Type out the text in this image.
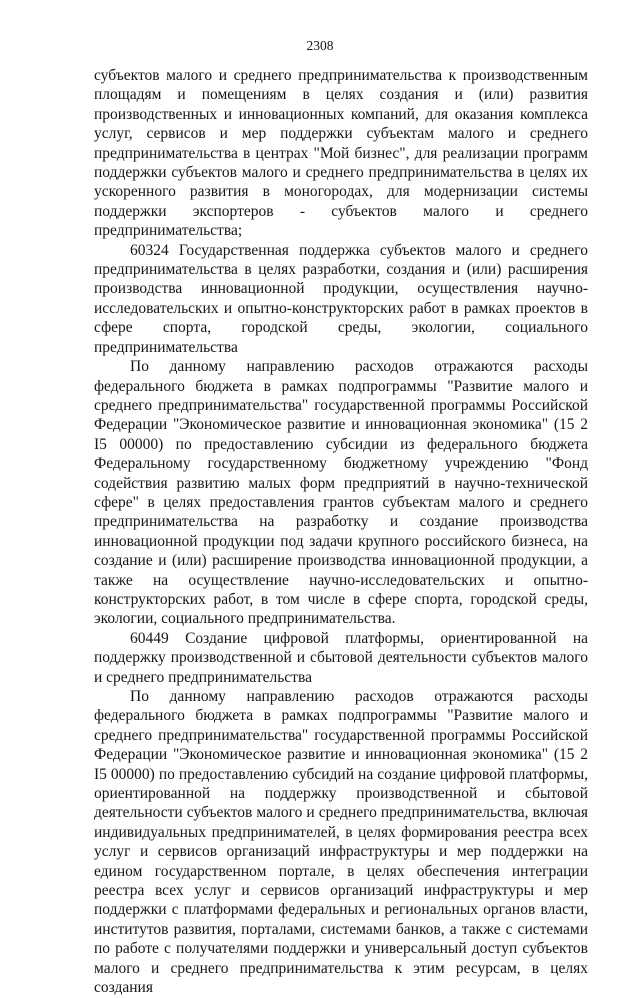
2308

субъектов малого и среднего предпринимательства к производственным площадям и помещениям в целях создания и (или) развития производственных и инновационных компаний, для оказания комплекса услуг, сервисов и мер поддержки субъектам малого и среднего предпринимательства в центрах "Мой бизнес", для реализации программ поддержки субъектов малого и среднего предпринимательства в целях их ускоренного развития в моногородах, для модернизации системы поддержки экспортеров - субъектов малого и среднего предпринимательства;

60324 Государственная поддержка субъектов малого и среднего предпринимательства в целях разработки, создания и (или) расширения производства инновационной продукции, осуществления научно-исследовательских и опытно-конструкторских работ в рамках проектов в сфере спорта, городской среды, экологии, социального предпринимательства

По данному направлению расходов отражаются расходы федерального бюджета в рамках подпрограммы "Развитие малого и среднего предпринимательства" государственной программы Российской Федерации "Экономическое развитие и инновационная экономика" (15 2 I5 00000) по предоставлению субсидии из федерального бюджета Федеральному государственному бюджетному учреждению "Фонд содействия развитию малых форм предприятий в научно-технической сфере" в целях предоставления грантов субъектам малого и среднего предпринимательства на разработку и создание производства инновационной продукции под задачи крупного российского бизнеса, на создание и (или) расширение производства инновационной продукции, а также на осуществление научно-исследовательских и опытно-конструкторских работ, в том числе в сфере спорта, городской среды, экологии, социального предпринимательства.

60449 Создание цифровой платформы, ориентированной на поддержку производственной и сбытовой деятельности субъектов малого и среднего предпринимательства

По данному направлению расходов отражаются расходы федерального бюджета в рамках подпрограммы "Развитие малого и среднего предпринимательства" государственной программы Российской Федерации "Экономическое развитие и инновационная экономика" (15 2 I5 00000) по предоставлению субсидий на создание цифровой платформы, ориентированной на поддержку производственной и сбытовой деятельности субъектов малого и среднего предпринимательства, включая индивидуальных предпринимателей, в целях формирования реестра всех услуг и сервисов организаций инфраструктуры и мер поддержки на едином государственном портале, в целях обеспечения интеграции реестра всех услуг и сервисов организаций инфраструктуры и мер поддержки с платформами федеральных и региональных органов власти, институтов развития, порталами, системами банков, а также с системами по работе с получателями поддержки и универсальный доступ субъектов малого и среднего предпринимательства к этим ресурсам, в целях создания
